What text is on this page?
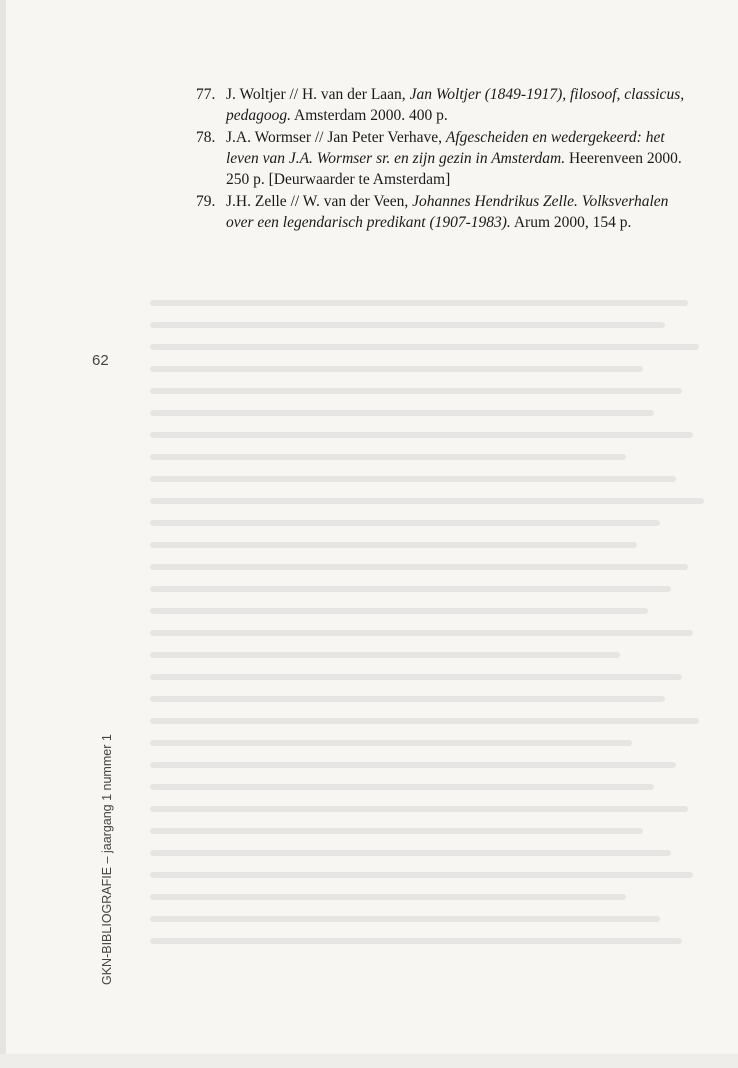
77. J. Woltjer // H. van der Laan, Jan Woltjer (1849-1917), filosoof, classicus, pedagoog. Amsterdam 2000. 400 p.
78. J.A. Wormser // Jan Peter Verhave, Afgescheiden en wedergekeerd: het leven van J.A. Wormser sr. en zijn gezin in Amsterdam. Heerenveen 2000. 250 p. [Deurwaarder te Amsterdam]
79. J.H. Zelle // W. van der Veen, Johannes Hendrikus Zelle. Volksverhalen over een legendarisch predikant (1907-1983). Arum 2000, 154 p.
62
GKN-BIBLIOGRAFIE – jaargang 1 nummer 1
